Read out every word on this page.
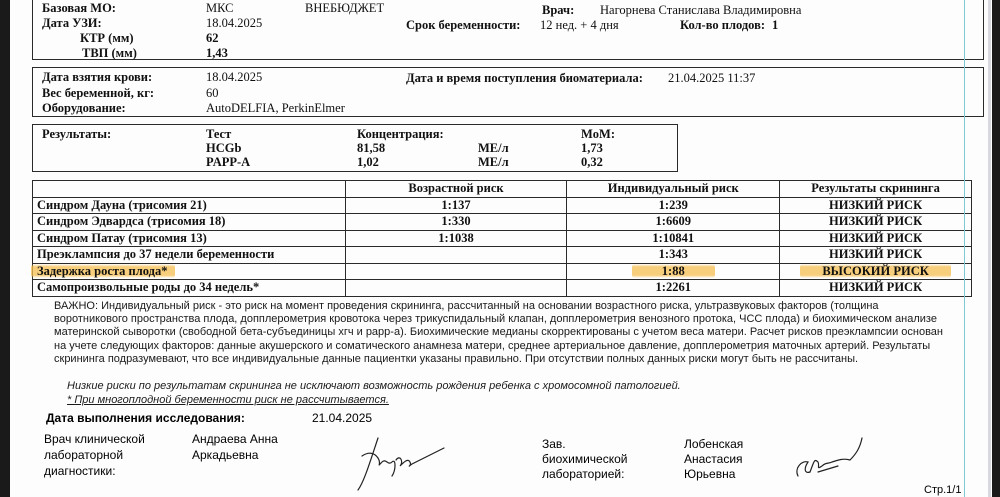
Базовая МО:	МКС	ВНЕБЮДЖЕТ	Врач: Нагорнева Станислава Владимировна
Дата УЗИ:	18.04.2025	Срок беременности: 12 нед. + 4 дня	Кол-во плодов: 1
КТР (мм)	62
ТВП (мм)	1,43
Дата взятия крови:	18.04.2025	Дата и время поступления биоматериала: 21.04.2025 11:37
Вес беременной, кг:	60
Оборудование:	AutoDELFIA, PerkinElmer
Результаты:	Тест	Концентрация:	MoM:
HCGb	81,58	МЕ/л	1,73
PAPP-A	1,02	МЕ/л	0,32
	Возрастной риск	Индивидуальный риск	Результаты скрининга
Синдром Дауна (трисомия 21)	1:137	1:239	НИЗКИЙ РИСК
Синдром Эдвардса (трисомия 18)	1:330	1:6609	НИЗКИЙ РИСК
Синдром Патау (трисомия 13)	1:1038	1:10841	НИЗКИЙ РИСК
Преэклампсия до 37 недели беременности		1:343	НИЗКИЙ РИСК
Задержка роста плода*		1:88	ВЫСОКИЙ РИСК
Самопроизвольные роды до 34 недель*		1:2261	НИЗКИЙ РИСК
ВАЖНО: Индивидуальный риск - это риск на момент проведения скрининга, рассчитанный на основании возрастного риска, ультразвуковых факторов (толщина воротникового пространства плода, допплерометрия кровотока через трикуспидальный клапан, допплерометрия венозного протока, ЧСС плода) и биохимическом анализе материнской сыворотки (свободной бета-субъединицы хгч и papp-a). Биохимические медианы скорректированы с учетом веса матери. Расчет рисков преэклампсии основан на учете следующих факторов: данные акушерского и соматического анамнеза матери, среднее артериальное давление, допплерометрия маточных артерий. Результаты скрининга подразумевают, что все индивидуальные данные пациентки указаны правильно. При отсутствии полных данных риски могут быть не рассчитаны.
Низкие риски по результатам скрининга не исключают возможность рождения ребенка с хромосомной патологией.
* При многоплодной беременности риск не рассчитывается.
Дата выполнения исследования:	21.04.2025
Врач клинической лабораторной диагностики:
Андраева Анна Аркадьевна
Зав. биохимической лабораторией:
Лобенская Анастасия Юрьевна
Стр.1/1
